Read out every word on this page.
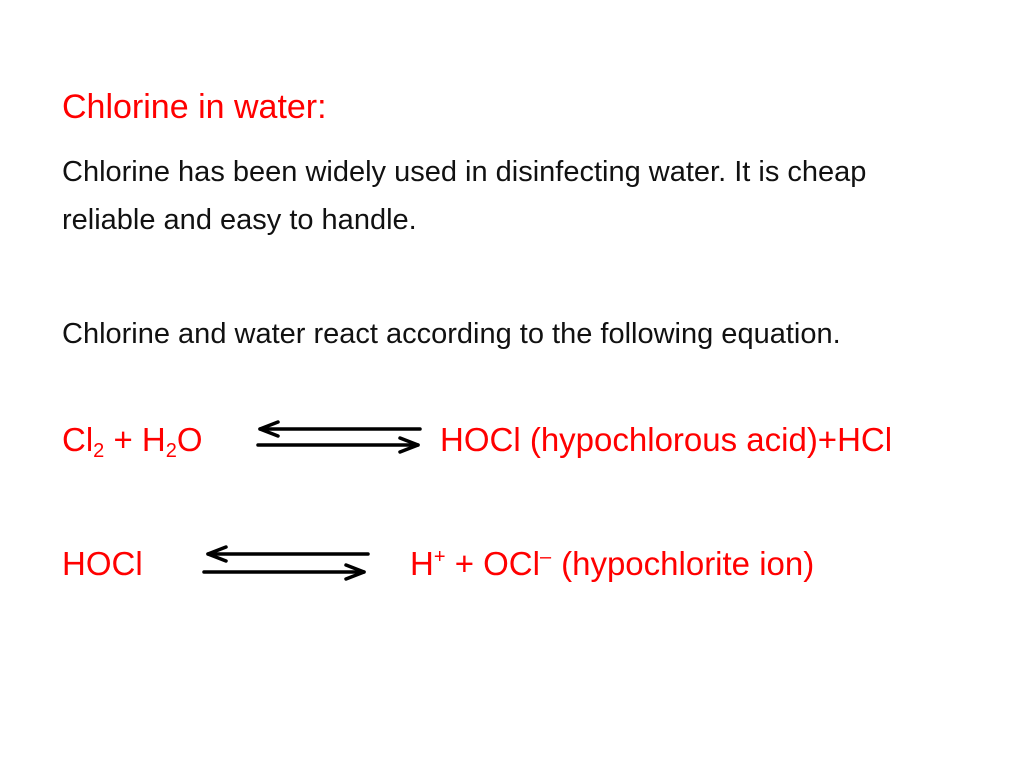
Chlorine in water:
Chlorine has been widely used in disinfecting water. It is cheap reliable and easy to handle.
Chlorine and water react according to the following equation.
$Cl_2 + H_2O$	HOCl (hypochlorous acid)+HCl
HOCl	H+ + OCl– (hypochlorite ion)
